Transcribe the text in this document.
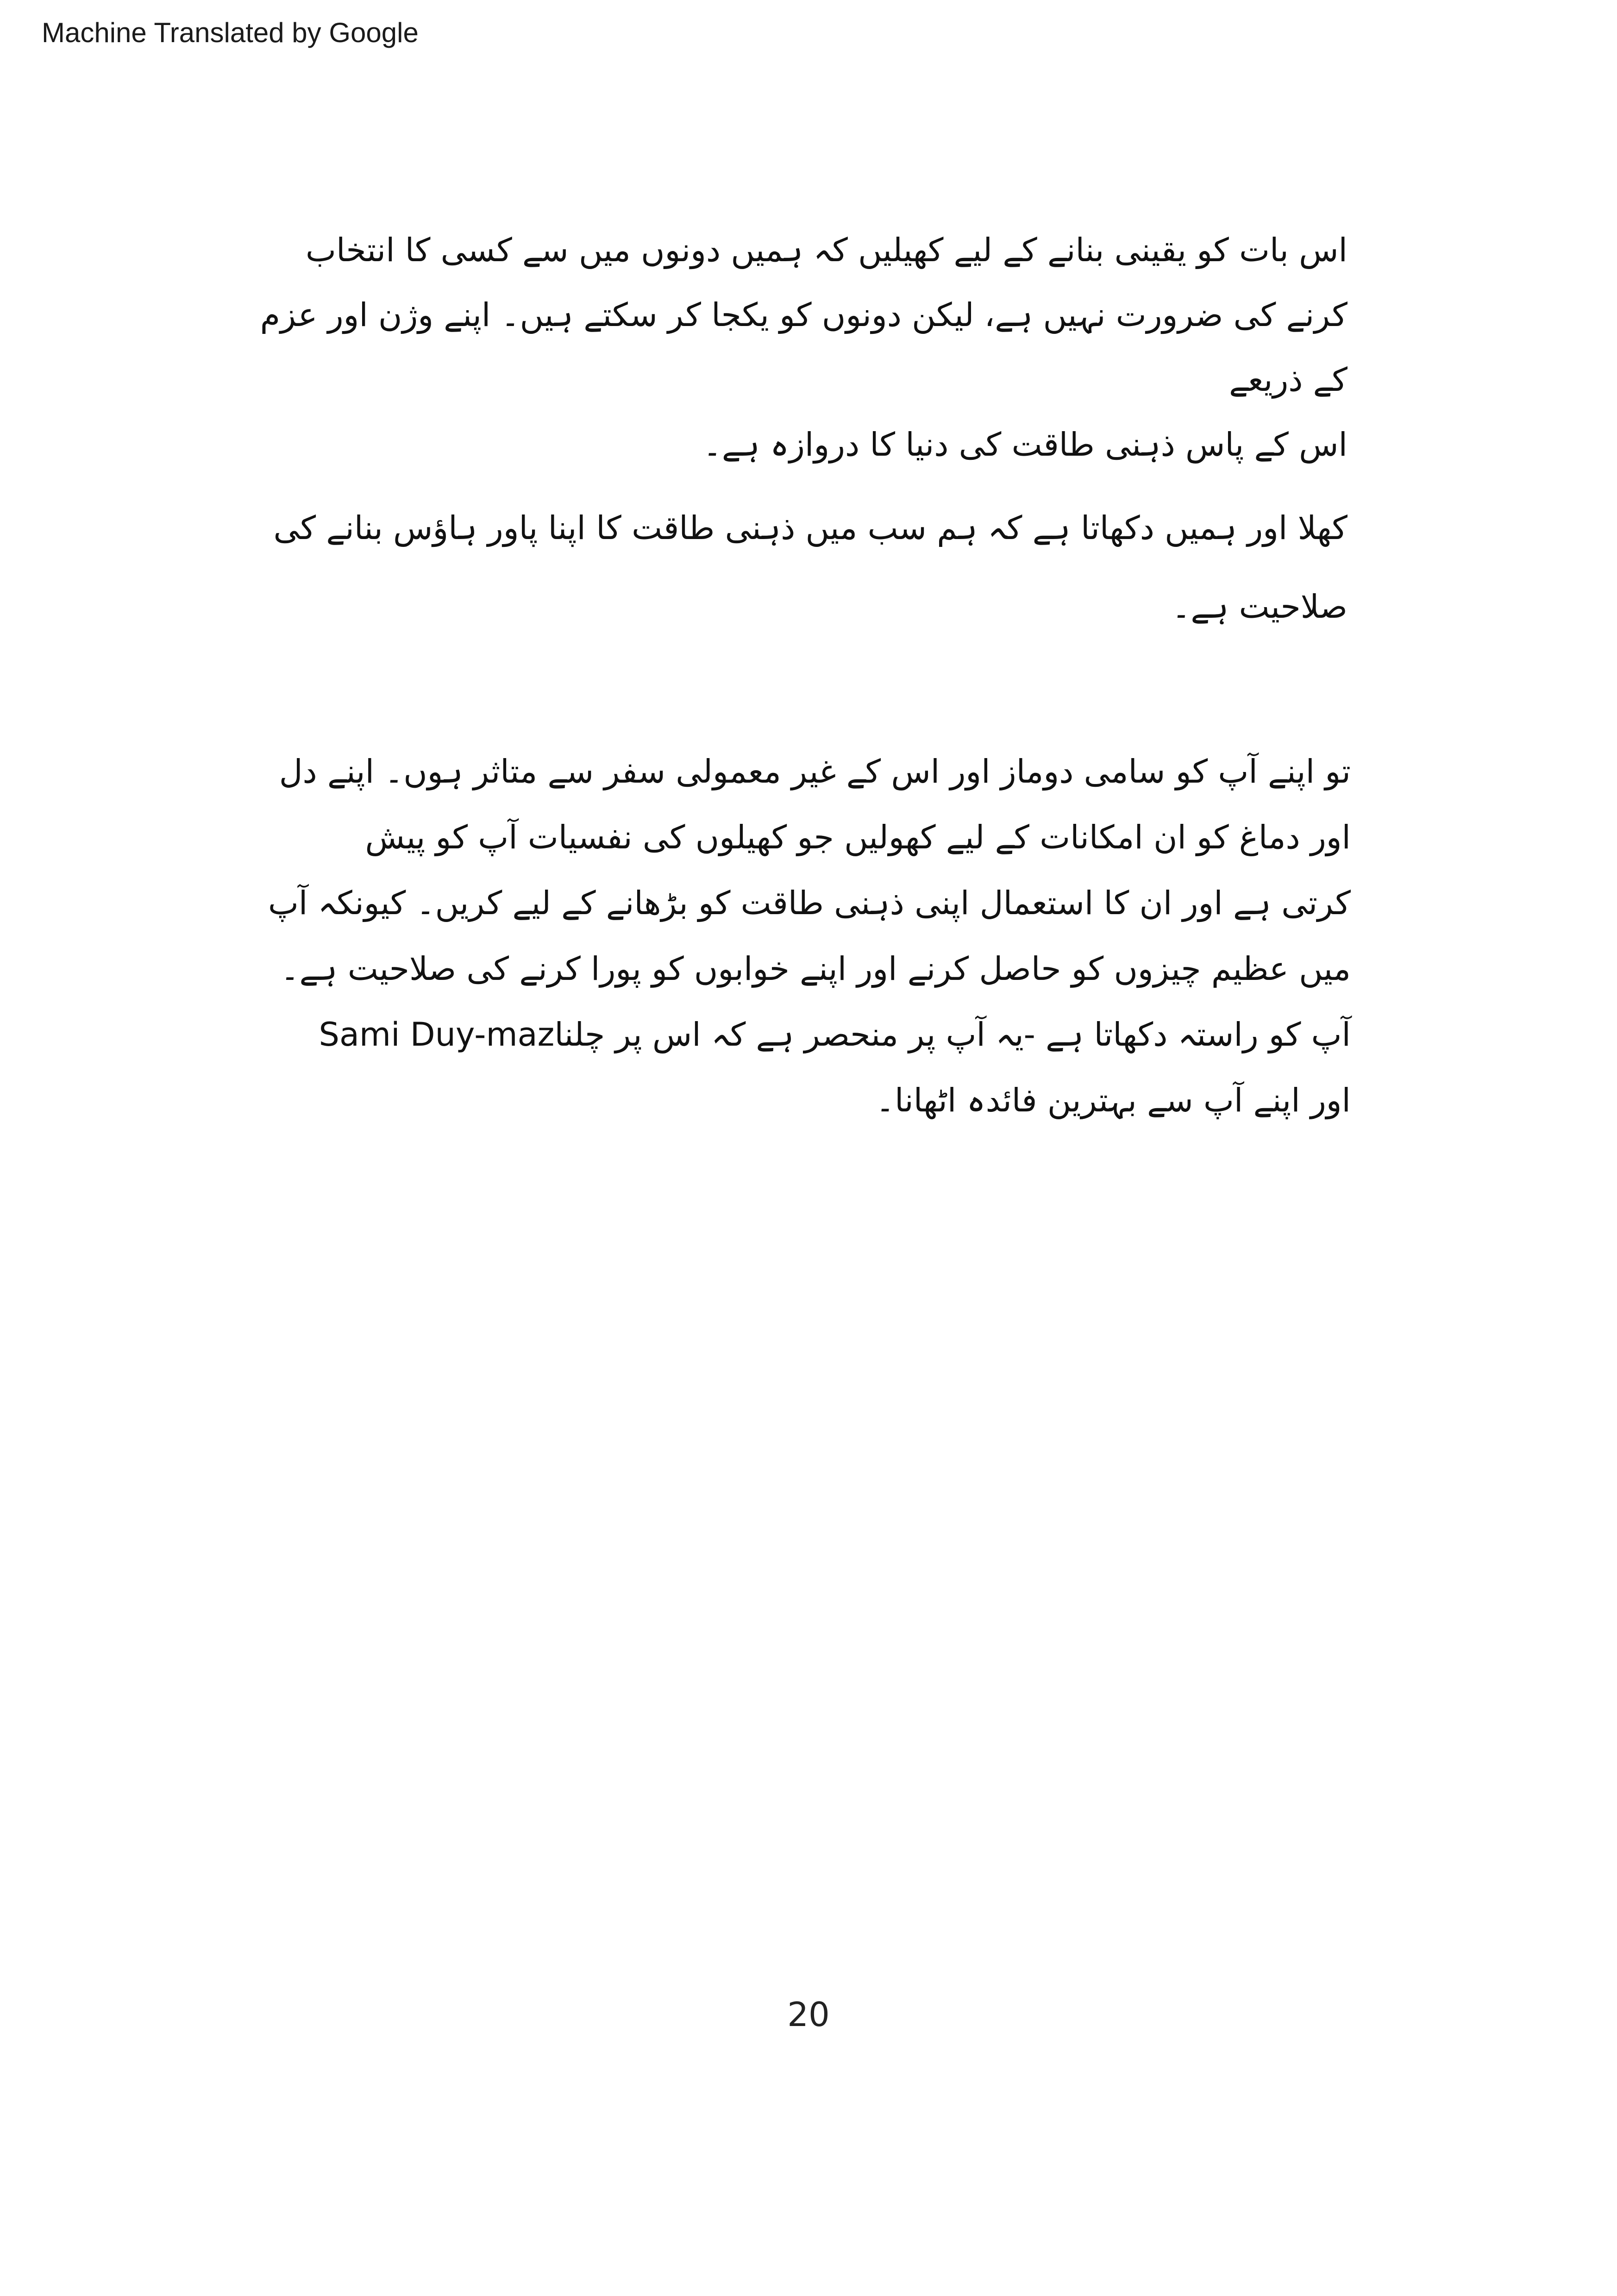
Machine Translated by Google
اس بات کو یقینی بنانے کے لیے کھیلیں کہ ہمیں دونوں میں سے کسی کا انتخاب
کرنے کی ضرورت نہیں ہے، لیکن دونوں کو یکجا کر سکتے ہیں۔ اپنے وژن اور عزم
کے ذریعے
اس کے پاس ذہنی طاقت کی دنیا کا دروازہ ہے۔
کھلا اور ہمیں دکھاتا ہے کہ ہم سب میں ذہنی طاقت کا اپنا پاور ہاؤس بنانے کی
صلاحیت ہے۔
تو اپنے آپ کو سامی دوماز اور اس کے غیر معمولی سفر سے متاثر ہوں۔ اپنے دل
اور دماغ کو ان امکانات کے لیے کھولیں جو کھیلوں کی نفسیات آپ کو پیش
کرتی ہے اور ان کا استعمال اپنی ذہنی طاقت کو بڑھانے کے لیے کریں۔ کیونکہ آپ
میں عظیم چیزوں کو حاصل کرنے اور اپنے خوابوں کو پورا کرنے کی صلاحیت ہے۔
Sami Duy-mazآپ کو راستہ دکھاتا ہے -یہ آپ پر منحصر ہے کہ اس پر چلنا
اور اپنے آپ سے بہترین فائدہ اٹھانا۔
20
